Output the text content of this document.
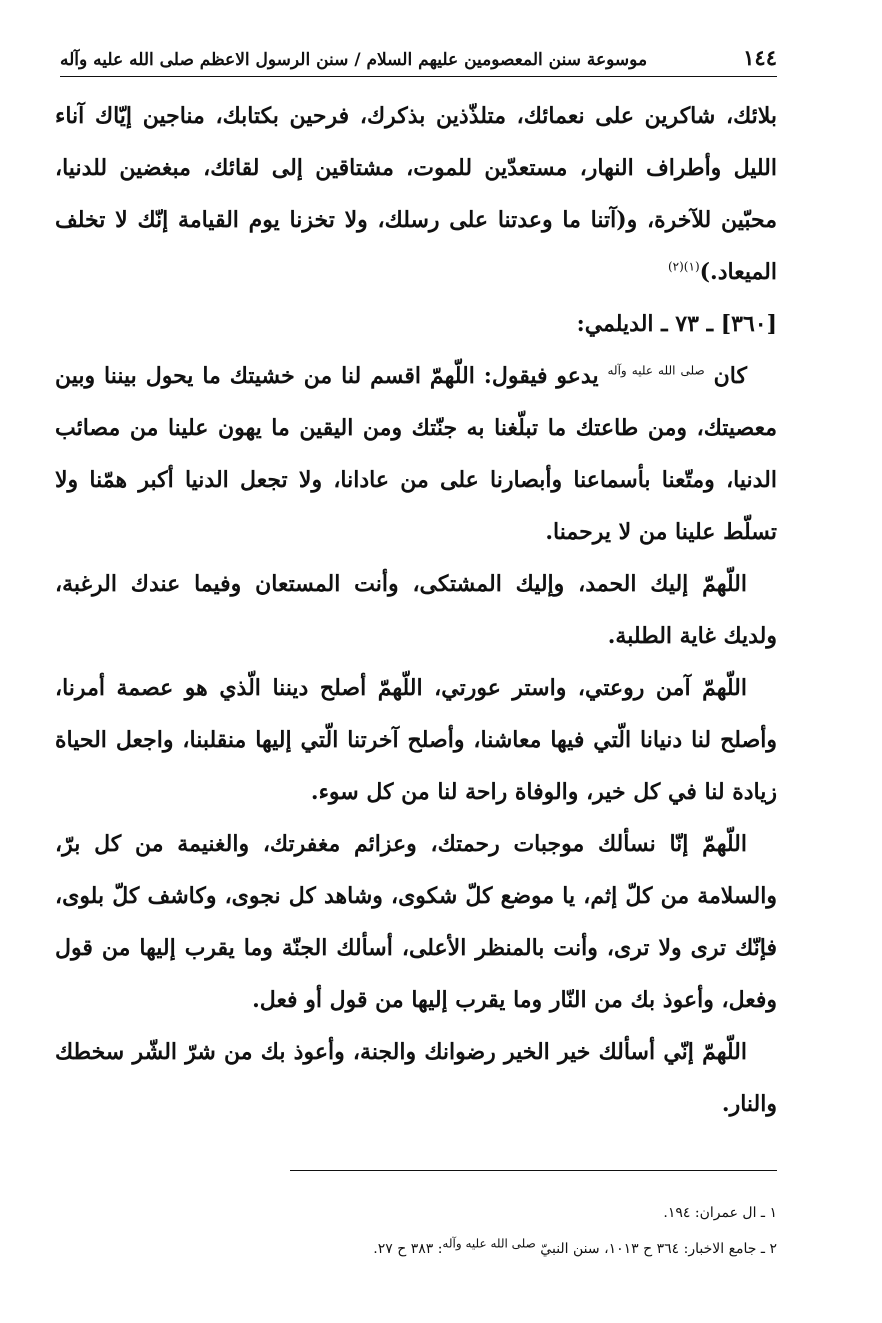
١٤٤
موسوعة سنن المعصومين عليهم السلام / سنن الرسول الاعظم صلى الله عليه وآله

بلائك، شاكرين على نعمائك، متلذّذين بذكرك، فرحين بكتابك، مناجين إيّاك آناء الليل وأطراف النهار، مستعدّين للموت، مشتاقين إلى لقائك، مبغضين للدنيا، محبّين للآخرة، و(آتنا ما وعدتنا على رسلك، ولا تخزنا يوم القيامة إنّك لا تخلف الميعاد.)$^{(١)(٢)}$

[٣٦٠] ـ ٧٣ ـ الديلمي:

كان $^{صلى الله عليه وآله}$ يدعو فيقول: اللّهمّ اقسم لنا من خشيتك ما يحول بيننا وبين معصيتك، ومن طاعتك ما تبلّغنا به جنّتك ومن اليقين ما يهون علينا من مصائب الدنيا، ومتّعنا بأسماعنا وأبصارنا على من عادانا، ولا تجعل الدنيا أكبر همّنا ولا تسلّط علينا من لا يرحمنا.

اللّهمّ إليك الحمد، وإليك المشتكى، وأنت المستعان وفيما عندك الرغبة، ولديك غاية الطلبة.

اللّهمّ آمن روعتي، واستر عورتي، اللّهمّ أصلح ديننا الّذي هو عصمة أمرنا، وأصلح لنا دنيانا الّتي فيها معاشنا، وأصلح آخرتنا الّتي إليها منقلبنا، واجعل الحياة زيادة لنا في كل خير، والوفاة راحة لنا من كل سوء.

اللّهمّ إنّا نسألك موجبات رحمتك، وعزائم مغفرتك، والغنيمة من كل برّ، والسلامة من كلّ إثم، يا موضع كلّ شكوى، وشاهد كل نجوى، وكاشف كلّ بلوى، فإنّك ترى ولا ترى، وأنت بالمنظر الأعلى، أسألك الجنّة وما يقرب إليها من قول وفعل، وأعوذ بك من النّار وما يقرب إليها من قول أو فعل.

اللّهمّ إنّي أسألك خير الخير رضوانك والجنة، وأعوذ بك من شرّ الشّر سخطك والنار.

١ ـ ال عمران: ١٩٤.

٢ ـ جامع الاخبار: ٣٦٤ ح ١٠١٣، سنن النبيّ صلى الله عليه وآله: ٣٨٣ ح ٢٧.
